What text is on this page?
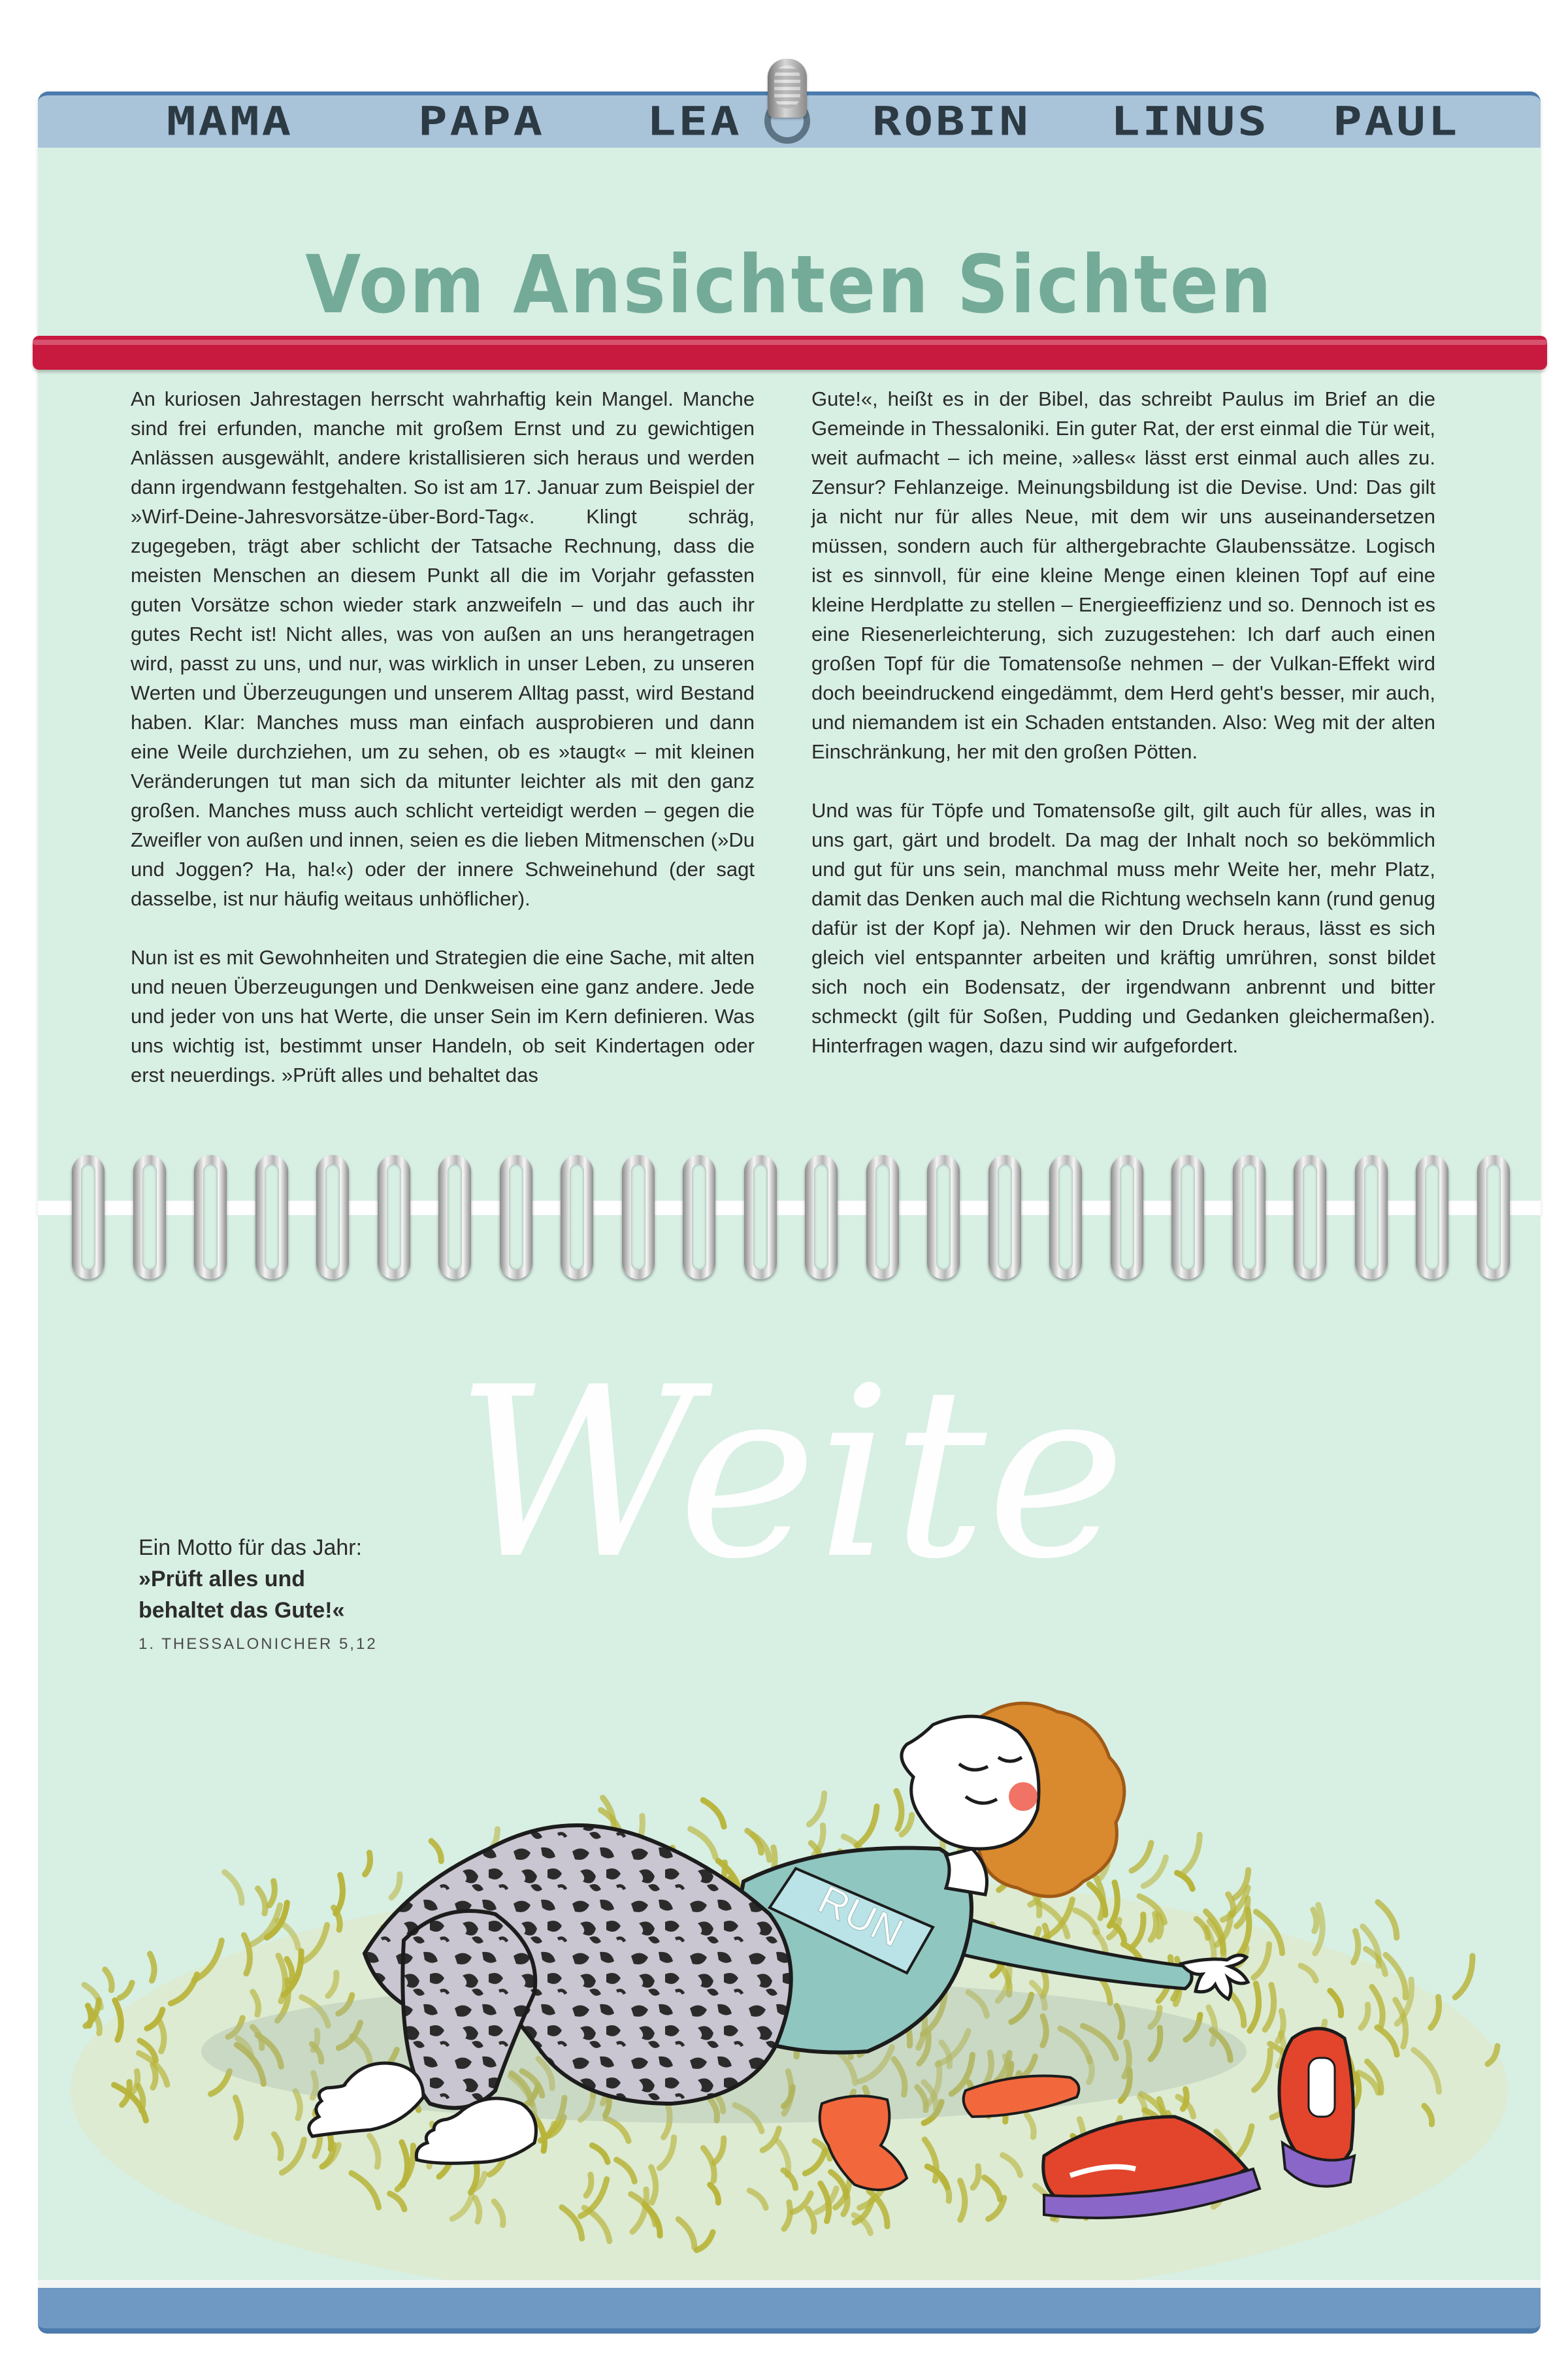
MAMA	PAPA LEA	ROBIN LINUS PAUL
Vom Ansichten Sichten

An kuriosen Jahrestagen herrscht wahrhaftig kein Mangel. Manche sind frei erfunden, manche mit großem Ernst und zu gewichtigen Anlässen ausgewählt, andere kristallisieren sich heraus und werden dann irgendwann festgehalten. So ist am 17. Januar zum Beispiel der »Wirf-Deine-Jahresvorsätze-über-Bord-Tag«. Klingt schräg, zugegeben, trägt aber schlicht der Tatsache Rechnung, dass die meisten Menschen an diesem Punkt all die im Vorjahr gefassten guten Vorsätze schon wieder stark anzweifeln – und das auch ihr gutes Recht ist! Nicht alles, was von außen an uns herangetragen wird, passt zu uns, und nur, was wirklich in unser Leben, zu unseren Werten und Überzeugungen und unserem Alltag passt, wird Bestand haben. Klar: Manches muss man einfach ausprobieren und dann eine Weile durchziehen, um zu sehen, ob es »taugt« – mit kleinen Veränderungen tut man sich da mitunter leichter als mit den ganz großen. Manches muss auch schlicht verteidigt werden – gegen die Zweifler von außen und innen, seien es die lieben Mitmenschen (»Du und Joggen? Ha, ha!«) oder der innere Schweinehund (der sagt dasselbe, ist nur häufig weitaus unhöflicher).

Nun ist es mit Gewohnheiten und Strategien die eine Sache, mit alten und neuen Überzeugungen und Denkweisen eine ganz andere. Jede und jeder von uns hat Werte, die unser Sein im Kern definieren. Was uns wichtig ist, bestimmt unser Handeln, ob seit Kindertagen oder erst neuerdings. »Prüft alles und behaltet das

Gute!«, heißt es in der Bibel, das schreibt Paulus im Brief an die Gemeinde in Thessaloniki. Ein guter Rat, der erst einmal die Tür weit, weit aufmacht – ich meine, »alles« lässt erst einmal auch alles zu. Zensur? Fehlanzeige. Meinungsbildung ist die Devise. Und: Das gilt ja nicht nur für alles Neue, mit dem wir uns auseinandersetzen müssen, sondern auch für althergebrachte Glaubenssätze. Logisch ist es sinnvoll, für eine kleine Menge einen kleinen Topf auf eine kleine Herdplatte zu stellen – Energieeffizienz und so. Dennoch ist es eine Riesenerleichterung, sich zuzugestehen: Ich darf auch einen großen Topf für die Tomatensoße nehmen – der Vulkan-Effekt wird doch beeindruckend eingedämmt, dem Herd geht's besser, mir auch, und niemandem ist ein Schaden entstanden. Also: Weg mit der alten Einschränkung, her mit den großen Pötten.

Und was für Töpfe und Tomatensoße gilt, gilt auch für alles, was in uns gart, gärt und brodelt. Da mag der Inhalt noch so bekömmlich und gut für uns sein, manchmal muss mehr Weite her, mehr Platz, damit das Denken auch mal die Richtung wechseln kann (rund genug dafür ist der Kopf ja). Nehmen wir den Druck heraus, lässt es sich gleich viel entspannter arbeiten und kräftig umrühren, sonst bildet sich noch ein Bodensatz, der irgendwann anbrennt und bitter schmeckt (gilt für Soßen, Pudding und Gedanken gleichermaßen). Hinterfragen wagen, dazu sind wir aufgefordert.

Weite
Ein Motto für das Jahr:
»Prüft alles und
behaltet das Gute!«
1. THESSALONICHER 5,12
RUN
